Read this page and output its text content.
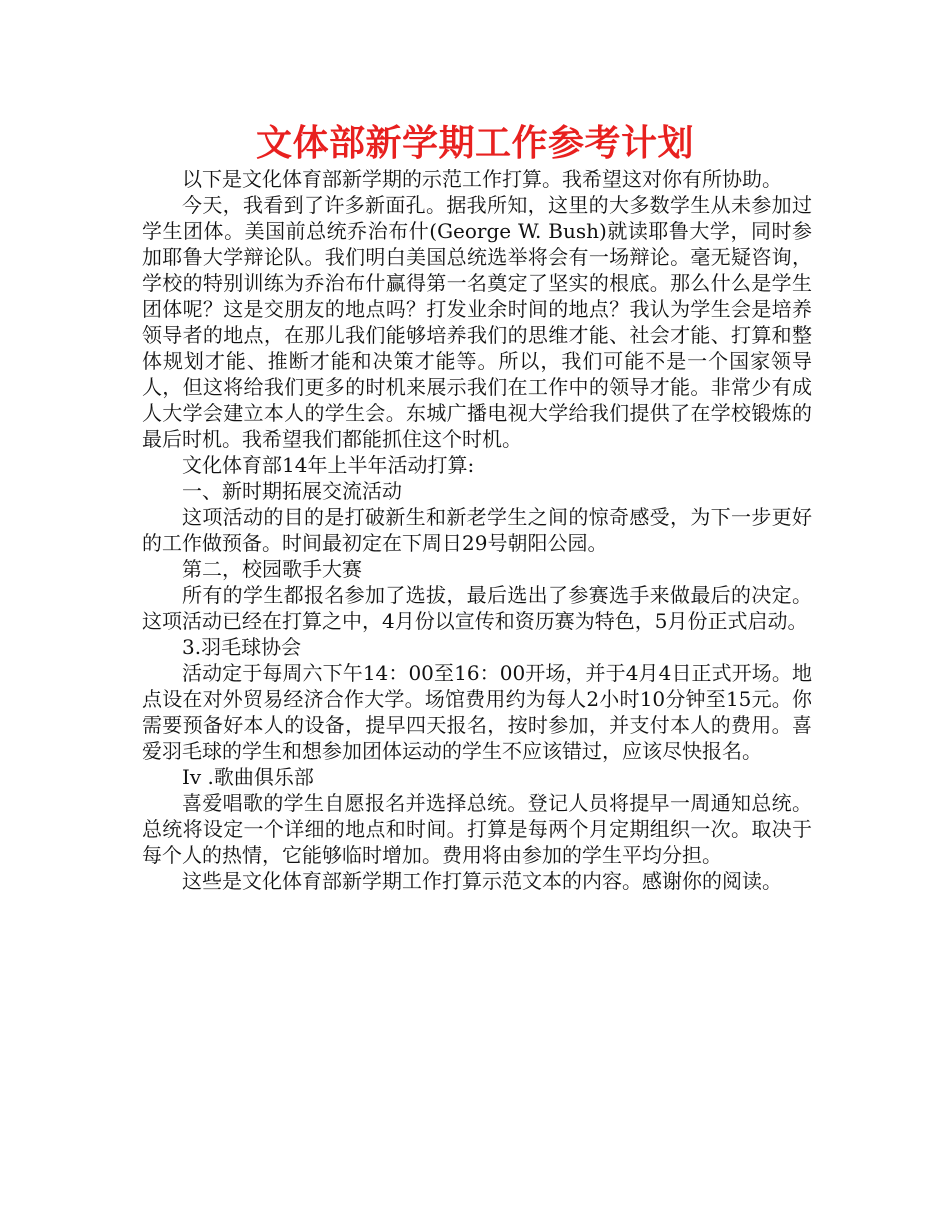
文体部新学期工作参考计划

以下是文化体育部新学期的示范工作打算。我希望这对你有所协助。

今天，我看到了许多新面孔。据我所知，这里的大多数学生从未参加过学生团体。美国前总统乔治布什(George W. Bush)就读耶鲁大学，同时参加耶鲁大学辩论队。我们明白美国总统选举将会有一场辩论。毫无疑咨询，学校的特别训练为乔治布什赢得第一名奠定了坚实的根底。那么什么是学生团体呢？这是交朋友的地点吗？打发业余时间的地点？我认为学生会是培养领导者的地点，在那儿我们能够培养我们的思维才能、社会才能、打算和整体规划才能、推断才能和决策才能等。所以，我们可能不是一个国家领导人，但这将给我们更多的时机来展示我们在工作中的领导才能。非常少有成人大学会建立本人的学生会。东城广播电视大学给我们提供了在学校锻炼的最后时机。我希望我们都能抓住这个时机。

文化体育部14年上半年活动打算:

一、新时期拓展交流活动

这项活动的目的是打破新生和新老学生之间的惊奇感受，为下一步更好的工作做预备。时间最初定在下周日29号朝阳公园。

第二，校园歌手大赛

所有的学生都报名参加了选拔，最后选出了参赛选手来做最后的决定。这项活动已经在打算之中，4月份以宣传和资历赛为特色，5月份正式启动。

3.羽毛球协会

活动定于每周六下午14：00至16：00开场，并于4月4日正式开场。地点设在对外贸易经济合作大学。场馆费用约为每人2小时10分钟至15元。你需要预备好本人的设备，提早四天报名，按时参加，并支付本人的费用。喜爱羽毛球的学生和想参加团体运动的学生不应该错过，应该尽快报名。

Iv .歌曲俱乐部

喜爱唱歌的学生自愿报名并选择总统。登记人员将提早一周通知总统。总统将设定一个详细的地点和时间。打算是每两个月定期组织一次。取决于每个人的热情，它能够临时增加。费用将由参加的学生平均分担。

这些是文化体育部新学期工作打算示范文本的内容。感谢你的阅读。
